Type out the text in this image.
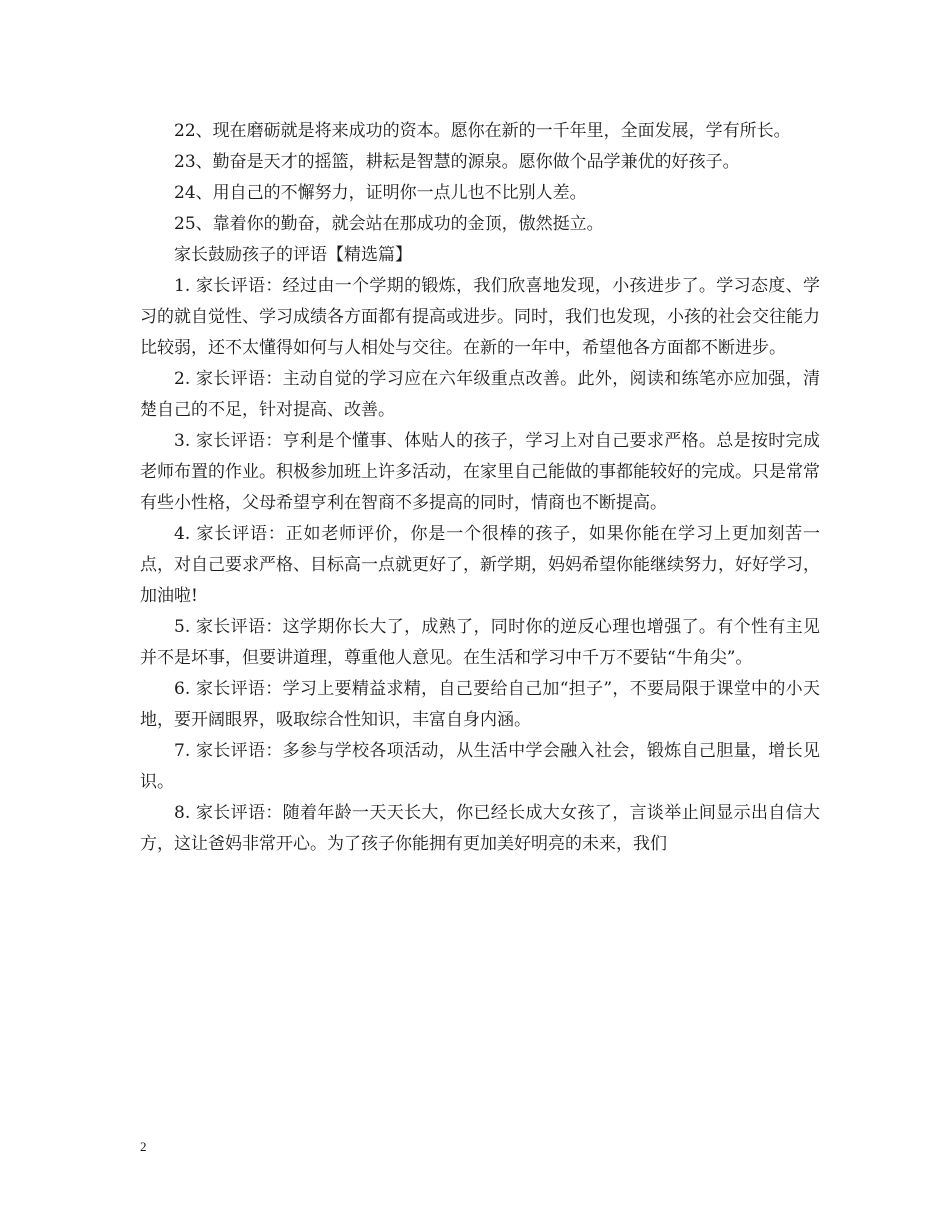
22、现在磨砺就是将来成功的资本。愿你在新的一千年里，全面发展，学有所长。

23、勤奋是天才的摇篮，耕耘是智慧的源泉。愿你做个品学兼优的好孩子。

24、用自己的不懈努力，证明你一点儿也不比别人差。

25、靠着你的勤奋，就会站在那成功的金顶，傲然挺立。

家长鼓励孩子的评语【精选篇】

1. 家长评语：经过由一个学期的锻炼，我们欣喜地发现，小孩进步了。学习态度、学习的就自觉性、学习成绩各方面都有提高或进步。同时，我们也发现，小孩的社会交往能力比较弱，还不太懂得如何与人相处与交往。在新的一年中，希望他各方面都不断进步。

2. 家长评语：主动自觉的学习应在六年级重点改善。此外，阅读和练笔亦应加强，清楚自己的不足，针对提高、改善。

3. 家长评语：亨利是个懂事、体贴人的孩子，学习上对自己要求严格。总是按时完成老师布置的作业。积极参加班上许多活动，在家里自己能做的事都能较好的完成。只是常常有些小性格，父母希望亨利在智商不多提高的同时，情商也不断提高。

4. 家长评语：正如老师评价，你是一个很棒的孩子，如果你能在学习上更加刻苦一点，对自己要求严格、目标高一点就更好了，新学期，妈妈希望你能继续努力，好好学习，加油啦!

5. 家长评语：这学期你长大了，成熟了，同时你的逆反心理也增强了。有个性有主见并不是坏事，但要讲道理，尊重他人意见。在生活和学习中千万不要钻“牛角尖”。

6. 家长评语：学习上要精益求精，自己要给自己加“担子”，不要局限于课堂中的小天地，要开阔眼界，吸取综合性知识，丰富自身内涵。

7. 家长评语：多参与学校各项活动，从生活中学会融入社会，锻炼自己胆量，增长见识。

8. 家长评语：随着年龄一天天长大，你已经长成大女孩了，言谈举止间显示出自信大方，这让爸妈非常开心。为了孩子你能拥有更加美好明亮的未来，我们

2
